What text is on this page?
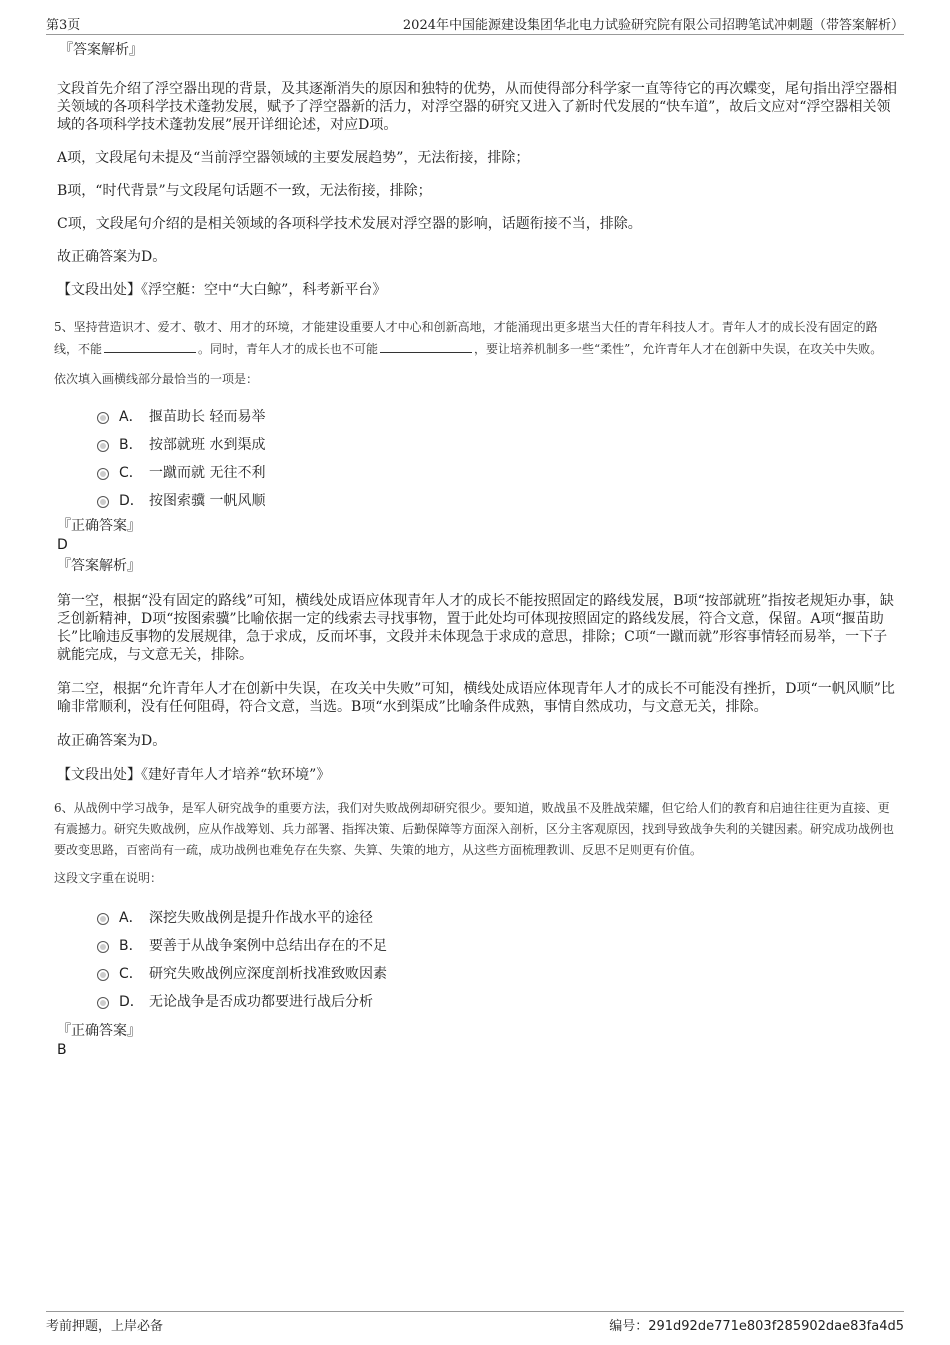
第3页	2024年中国能源建设集团华北电力试验研究院有限公司招聘笔试冲刺题（带答案解析）
『答案解析』

文段首先介绍了浮空器出现的背景，及其逐渐消失的原因和独特的优势，从而使得部分科学家一直等待它的再次蝶变，尾句指出浮空器相关领域的各项科学技术蓬勃发展，赋予了浮空器新的活力，对浮空器的研究又进入了新时代发展的“快车道”，故后文应对“浮空器相关领域的各项科学技术蓬勃发展”展开详细论述，对应D项。

A项，文段尾句未提及“当前浮空器领域的主要发展趋势”，无法衔接，排除；

B项，“时代背景”与文段尾句话题不一致，无法衔接，排除；

C项，文段尾句介绍的是相关领域的各项科学技术发展对浮空器的影响，话题衔接不当，排除。

故正确答案为D。

【文段出处】《浮空艇：空中“大白鲸”，科考新平台》

5、坚持营造识才、爱才、敬才、用才的环境，才能建设重要人才中心和创新高地，才能涌现出更多堪当大任的青年科技人才。青年人才的成长没有固定的路线，不能	。同时，青年人才的成长也不可能	，要让培养机制多一些“柔性”，允许青年人才在创新中失误，在攻关中失败。

依次填入画横线部分最恰当的一项是：

A． 揠苗助长 轻而易举
B． 按部就班 水到渠成
C． 一蹴而就 无往不利
D． 按图索骥 一帆风顺
『正确答案』
D
『答案解析』

第一空，根据“没有固定的路线”可知，横线处成语应体现青年人才的成长不能按照固定的路线发展，B项“按部就班”指按老规矩办事，缺乏创新精神，D项“按图索骥”比喻依据一定的线索去寻找事物，置于此处均可体现按照固定的路线发展，符合文意，保留。A项“揠苗助长”比喻违反事物的发展规律，急于求成，反而坏事，文段并未体现急于求成的意思，排除；C项“一蹴而就”形容事情轻而易举，一下子就能完成，与文意无关，排除。

第二空，根据“允许青年人才在创新中失误，在攻关中失败”可知，横线处成语应体现青年人才的成长不可能没有挫折，D项“一帆风顺”比喻非常顺利，没有任何阻碍，符合文意，当选。B项“水到渠成”比喻条件成熟，事情自然成功，与文意无关，排除。

故正确答案为D。

【文段出处】《建好青年人才培养“软环境”》

6、从战例中学习战争，是军人研究战争的重要方法，我们对失败战例却研究很少。要知道，败战虽不及胜战荣耀，但它给人们的教育和启迪往往更为直接、更有震撼力。研究失败战例，应从作战筹划、兵力部署、指挥决策、后勤保障等方面深入剖析，区分主客观原因，找到导致战争失利的关键因素。研究成功战例也要改变思路，百密尚有一疏，成功战例也难免存在失察、失算、失策的地方，从这些方面梳理教训、反思不足则更有价值。

这段文字重在说明：

A． 深挖失败战例是提升作战水平的途径
B． 要善于从战争案例中总结出存在的不足
C． 研究失败战例应深度剖析找准致败因素
D． 无论战争是否成功都要进行战后分析
『正确答案』
B
考前押题，上岸必备	编号：291d92de771e803f285902dae83fa4d5
